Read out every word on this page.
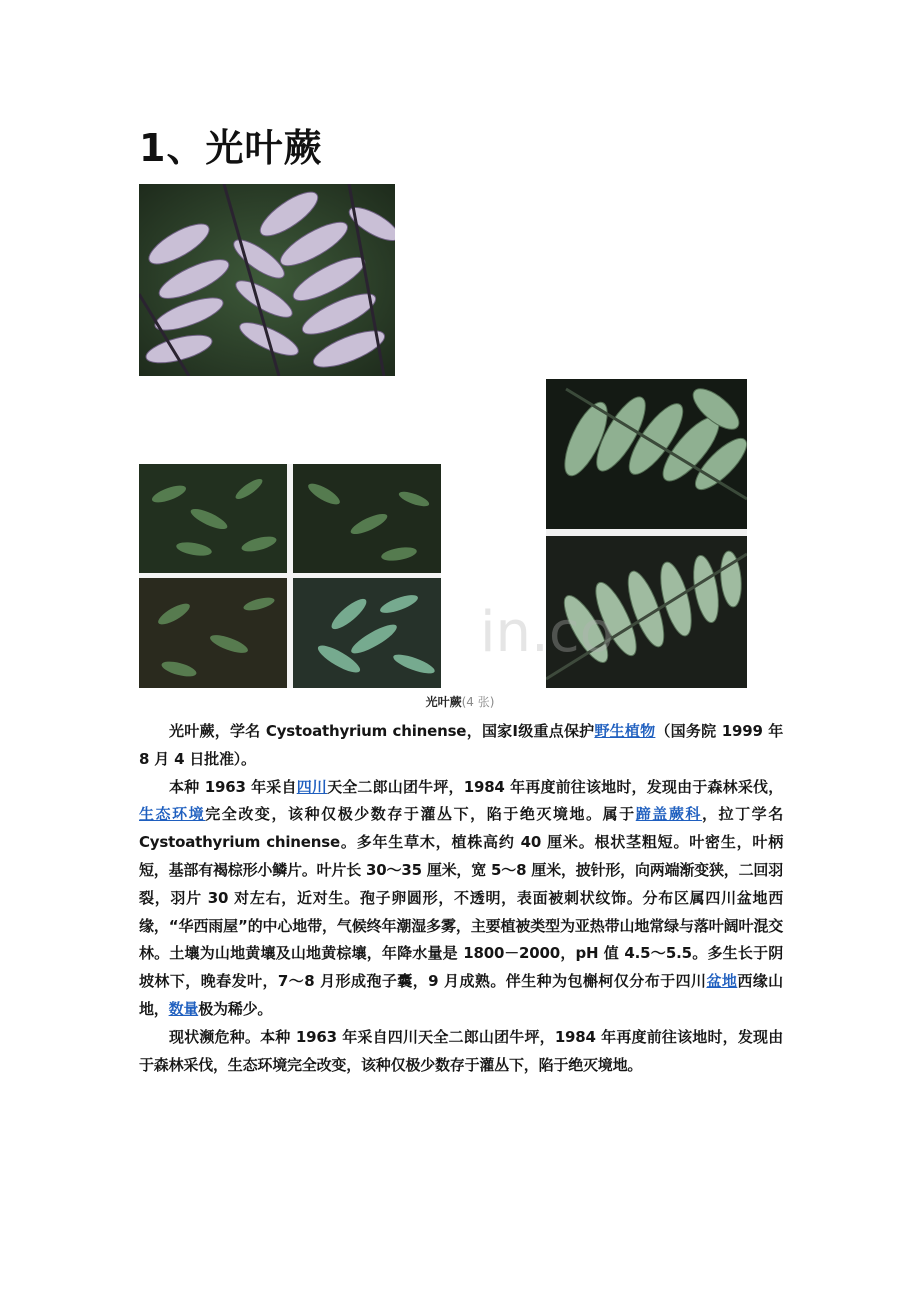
1、光叶蕨
in.co
光叶蕨(4 张)

光叶蕨，学名 Cystoathyrium chinense，国家Ⅰ级重点保护野生植物（国务院 1999 年 8 月 4 日批准）。

本种 1963 年采自四川天全二郎山团牛坪，1984 年再度前往该地时，发现由于森林采伐，生态环境完全改变，该种仅极少数存于灌丛下，陷于绝灭境地。属于蹄盖蕨科，拉丁学名 Cystoathyrium chinense。多年生草木，植株高约 40 厘米。根状茎粗短。叶密生，叶柄短，基部有褐棕形小鳞片。叶片长 30～35 厘米，宽 5～8 厘米，披针形，向两端渐变狭，二回羽裂，羽片 30 对左右，近对生。孢子卵圆形，不透明，表面被刺状纹饰。分布区属四川盆地西缘，“华西雨屋”的中心地带，气候终年潮湿多雾，主要植被类型为亚热带山地常绿与落叶阔叶混交林。土壤为山地黄壤及山地黄棕壤，年降水量是 1800－2000，pH 值 4.5～5.5。多生长于阴坡林下，晚春发叶，7～8 月形成孢子囊，9 月成熟。伴生种为包槲柯仅分布于四川盆地西缘山地，数量极为稀少。

现状濒危种。本种 1963 年采自四川天全二郎山团牛坪，1984 年再度前往该地时，发现由于森林采伐，生态环境完全改变，该种仅极少数存于灌丛下，陷于绝灭境地。
